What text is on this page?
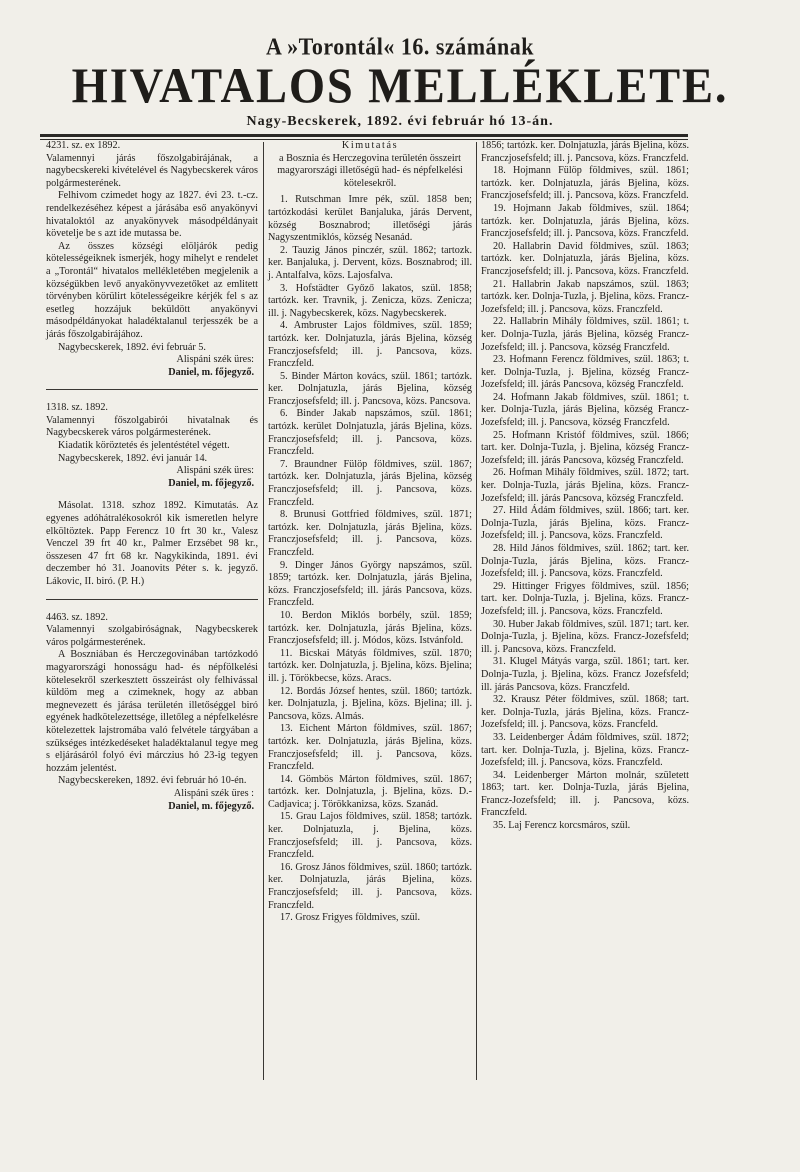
A »Torontál« 16. számának
HIVATALOS MELLÉKLETE.
Nagy-Becskerek, 1892. évi február hó 13-án.

4231. sz. ex 1892.

Valamennyi járás főszolgabirájának, a nagybecskereki kivételével és Nagybecskerek város polgármesterének.

Felhivom czimedet hogy az 1827. évi 23. t.-cz. rendelkezéséhez képest a járásába eső anyakönyvi hivataloktól az anyakönyvek másodpéldányait követelje be s azt ide mutassa be.

Az összes községi elöljárók pedig kötelességeiknek ismerjék, hogy mihelyt e rendelet a „Torontál“ hivatalos mellékletében megjelenik a községükben levő anyakönyvvezetőket az emlitett törvényben körülirt kötelességeikre kérjék fel s az esetleg hozzájuk beküldött anyakönyvi másodpéldányokat haladéktalanul terjesszék be a járás főszolgabirájához.

Nagybecskerek, 1892. évi február 5.

Alispáni szék üres:

Daniel, m. főjegyző.

1318. sz. 1892.

Valamennyi főszolgabirói hivatalnak és Nagybecskerek város polgármesterének.

Kiadatik köröztetés és jelentéstétel végett.

Nagybecskerek, 1892. évi január 14.

Alispáni szék üres:

Daniel, m. főjegyző.

Másolat. 1318. szhoz 1892. Kimutatás. Az egyenes adóhátralékosokról kik ismeretlen helyre elköltöztek. Papp Ferencz 10 frt 30 kr., Valesz Venczel 39 frt 40 kr., Palmer Erzsébet 98 kr., összesen 47 frt 68 kr. Nagykikinda, 1891. évi deczember hó 31. Joanovits Péter s. k. jegyző. Lákovic, II. biró. (P. H.)

4463. sz. 1892.

Valamennyi szolgabiróságnak, Nagybecskerek város polgármesterének.

A Boszniában és Herczegovinában tartózkodó magyarországi honosságu had- és népfölkelési kötelesekről szerkesztett összeirást oly felhivással küldöm meg a czimeknek, hogy az abban megnevezett és járása területén illetőséggel biró egyének hadkötelezettsége, illetőleg a népfelkelésre kötelezettek lajstromába való felvétele tárgyában a szükséges intézkedéseket haladéktalanul tegye meg s eljárásáról folyó évi márczius hó 23-ig tegyen hozzám jelentést.

Nagybecskereken, 1892. évi február hó 10-én.

Alispáni szék üres :

Daniel, m. főjegyző.

Kimutatás

a Bosznia és Herczegovina területén összeirt magyarországi illetőségü had- és népfelkelési kötelesekről.

1. Rutschman Imre pék, szül. 1858 ben; tartózkodási kerület Banjaluka, járás Dervent, község Bosznabrod; illetőségi járás Nagyszentmiklós, község Nesanád.

2. Tauzig János pinczér, szül. 1862; tartozk. ker. Banjaluka, j. Dervent, közs. Bosznabrod; ill. j. Antalfalva, közs. Lajosfalva.

3. Hofstädter Győző lakatos, szül. 1858; tartózk. ker. Travnik, j. Zeniczа, közs. Zenicza; ill. j. Nagybecskerek, közs. Nagybecskerek.

4. Ambruster Lajos földmives, szül. 1859; tartózk. ker. Dolnjatuzla, járás Bjelina, község Franczjosefsfeld; ill. j. Pancsova, közs. Franczfeld.

5. Binder Márton kovács, szül. 1861; tartózk. ker. Dolnjatuzla, járás Bjelina, község Franczjosefsfeld; ill. j. Pancsova, közs. Pancsova.

6. Binder Jakab napszámos, szül. 1861; tartózk. kerület Dolnjatuzla, járás Bjelina, közs. Franczjosefsfeld; ill. j. Pancsova, közs. Franczfeld.

7. Braundner Fülöp földmives, szül. 1867; tartózk. ker. Dolnjatuzla, járás Bjelina, község Franczjosefsfeld; ill. j. Pancsova, közs. Franczfeld.

8. Brunusi Gottfried földmives, szül. 1871; tartózk. ker. Dolnjatuzla, járás Bjelina, közs. Franczjosefsfeld; ill. j. Pancsova, közs. Franczfeld.

9. Dinger János György napszámos, szül. 1859; tartózk. ker. Dolnjatuzla, járás Bjelina, közs. Franczjosefsfeld; ill. járás Pancsova, közs. Franczfeld.

10. Berdon Miklós borbély, szül. 1859; tartózk. ker. Dolnjatuzla, járás Bjelina, közs. Franczjosefsfeld; ill. j. Módos, közs. Istvánfold.

11. Bicskai Mátyás földmives, szül. 1870; tartózk. ker. Dolnjatuzla, j. Bjelina, közs. Bjelina; ill. j. Törökbecse, közs. Aracs.

12. Bordás József hentes, szül. 1860; tartózk. ker. Dolnjatuzla, j. Bjelina, közs. Bjelina; ill. j. Pancsova, közs. Almás.

13. Eichent Márton földmives, szül. 1867; tartózk. ker. Dolnjatuzla, járás Bjelina, közs. Franczjosefsfeld; ill. j. Pancsova, közs. Franczfeld.

14. Gömbös Márton földmives, szül. 1867; tartózk. ker. Dolnjatuzla, j. Bjelina, közs. D.-Cadjavica; j. Törökkanizsa, közs. Szanád.

15. Grau Lajos földmives, szül. 1858; tartózk. ker. Dolnjatuzla, j. Bjelina, közs. Franczjosefsfeld; ill. j. Pancsova, közs. Franczfeld.

16. Grosz János földmives, szül. 1860; tartózk. ker. Dolnjatuzla, járás Bjelina, közs. Franczjosefsfeld; ill. j. Pancsova, közs. Franczfeld.

17. Grosz Frigyes földmives, szül.

1856; tartózk. ker. Dolnjatuzla, járás Bjelina, közs. Franczjosefsfeld; ill. j. Pancsova, közs. Franczfeld.

18. Hojmann Fülöp földmives, szül. 1861; tartózk. ker. Dolnjatuzla, járás Bjelina, közs. Franczjosefsfeld; ill. j. Pancsova, közs. Franczfeld.

19. Hojmann Jakab földmives, szül. 1864; tartózk. ker. Dolnjatuzla, járás Bjelina, közs. Franczjosefsfeld; ill. j. Pancsova, közs. Franczfeld.

20. Hallabrin David földmives, szül. 1863; tartózk. ker. Dolnjatuzla, járás Bjelina, közs. Franczjosefsfeld; ill. j. Pancsova, közs. Franczfeld.

21. Hallabrin Jakab napszámos, szül. 1863; tartózk. ker. Dolnja-Tuzla, j. Bjelina, közs. Francz-Jozefsfeld; ill. j. Pancsova, közs. Franczfeld.

22. Hallabrin Mihály földmives, szül. 1861; t. ker. Dolnja-Tuzla, járás Bjelina, község Francz-Jozefsfeld; ill. j. Pancsova, község Franczfeld.

23. Hofmann Ferencz földmives, szül. 1863; t. ker. Dolnja-Tuzla, j. Bjelina, község Francz-Jozefsfeld; ill. járás Pancsova, község Franczfeld.

24. Hofmann Jakab földmives, szül. 1861; t. ker. Dolnja-Tuzla, járás Bjelina, község Francz-Jozefsfeld; ill. j. Pancsova, község Franczfeld.

25. Hofmann Kristóf földmives, szül. 1866; tart. ker. Dolnja-Tuzla, j. Bjelina, község Francz-Jozefsfeld; ill. járás Pancsova, község Franczfeld.

26. Hofman Mihály földmives, szül. 1872; tart. ker. Dolnja-Tuzla, járás Bjelina, közs. Francz-Jozefsfeld; ill. járás Pancsova, község Franczfeld.

27. Hild Ádám földmives, szül. 1866; tart. ker. Dolnja-Tuzla, járás Bjelina, közs. Francz-Jozefsfeld; ill. j. Pancsova, közs. Franczfeld.

28. Hild János földmives, szül. 1862; tart. ker. Dolnja-Tuzla, járás Bjelina, közs. Francz-Jozefsfeld; ill. j. Pancsova, közs. Franczfeld.

29. Hittinger Frigyes földmives, szül. 1856; tart. ker. Dolnja-Tuzla, j. Bjelina, közs. Francz-Jozefsfeld; ill. j. Pancsova, közs. Franczfeld.

30. Huber Jakab földmives, szül. 1871; tart. ker. Dolnja-Tuzla, j. Bjelina, közs. Francz-Jozefsfeld; ill. j. Pancsova, közs. Franczfeld.

31. Klugel Mátyás varga, szül. 1861; tart. ker. Dolnja-Tuzla, j. Bjelina, közs. Francz Jozefsfeld; ill. járás Pancsova, közs. Franczfeld.

32. Krausz Péter földmives, szül. 1868; tart. ker. Dolnja-Tuzla, járás Bjelina, közs. Francz-Jozefsfeld; ill. j. Pancsova, közs. Francfeld.

33. Leidenberger Ádám földmives, szül. 1872; tart. ker. Dolnja-Tuzla, j. Bjelina, közs. Francz-Jozefsfeld; ill. j. Pancsova, közs. Franczfeld.

34. Leidenberger Márton molnár, született 1863; tart. ker. Dolnja-Tuzla, járás Bjelina, Francz-Jozefsfeld; ill. j. Pancsova, közs. Franczfeld.

35. Laj Ferencz korcsmáros, szül.
